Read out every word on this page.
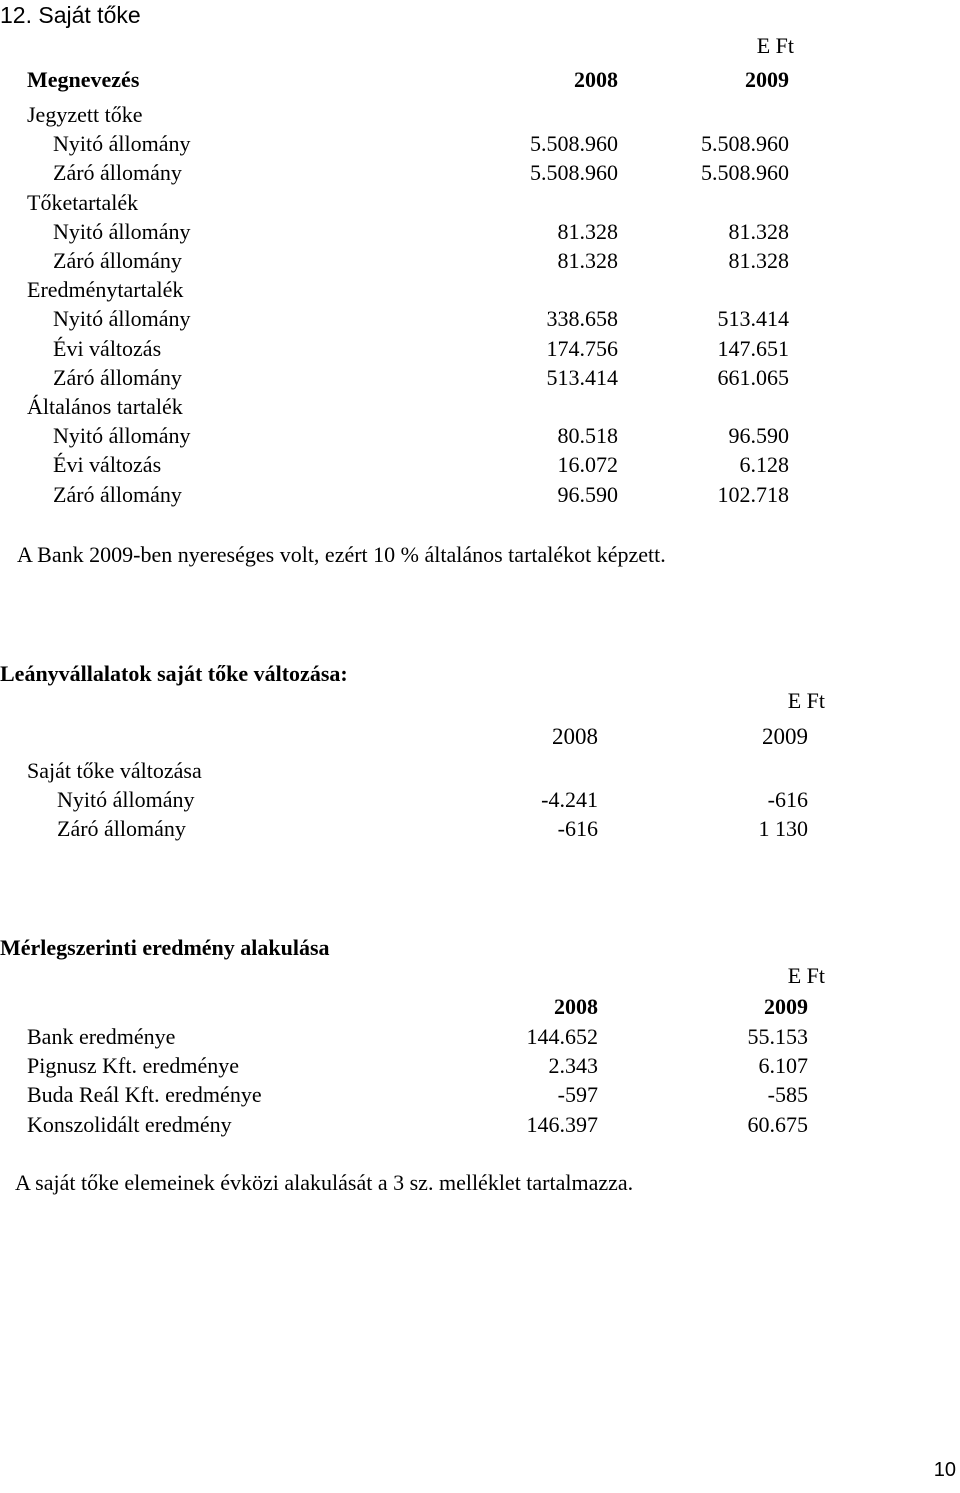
12. Saját tőke
E Ft
Megnevezés	2008	2009
A Bank 2009-ben nyereséges volt, ezért 10 % általános tartalékot képzett.
Leányvállalatok saját tőke változása:
E Ft
2008	2009
Mérlegszerinti eredmény alakulása
E Ft
2008	2009
A saját tőke elemeinek évközi alakulását a 3 sz. melléklet tartalmazza.
10
Jegyzett tőke
Nyitó állomány	5.508.960	5.508.960
Záró állomány	5.508.960	5.508.960
Tőketartalék
Nyitó állomány	81.328	81.328
Záró állomány	81.328	81.328
Eredménytartalék
Nyitó állomány	338.658	513.414
Évi változás	174.756	147.651
Záró állomány	513.414	661.065
Általános tartalék
Nyitó állomány	80.518	96.590
Évi változás	16.072	6.128
Záró állomány	96.590	102.718
Saját tőke változása
Nyitó állomány	-4.241	-616
Záró állomány	-616	1 130
Bank eredménye	144.652	55.153
Pignusz Kft. eredménye	2.343	6.107
Buda Reál Kft. eredménye	-597	-585
Konszolidált eredmény	146.397	60.675
